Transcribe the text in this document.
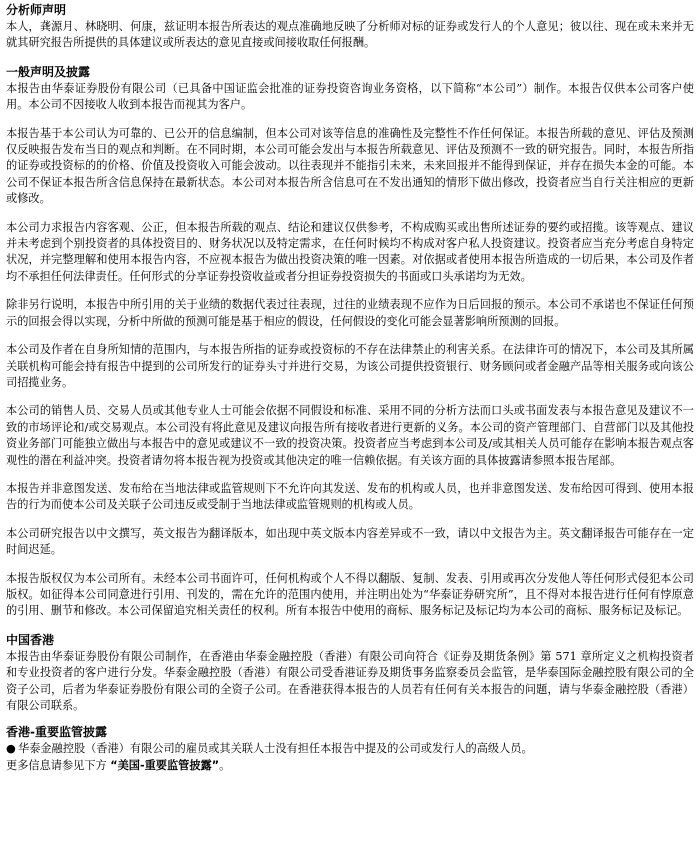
分析师声明

本人，龚源月、林晓明、何康，兹证明本报告所表达的观点准确地反映了分析师对标的证券或发行人的个人意见；彼以往、现在或未来并无就其研究报告所提供的具体建议或所表达的意见直接或间接收取任何报酬。

一般声明及披露

本报告由华泰证券股份有限公司（已具备中国证监会批准的证券投资咨询业务资格，以下简称“本公司”）制作。本报告仅供本公司客户使用。本公司不因接收人收到本报告而视其为客户。

本报告基于本公司认为可靠的、已公开的信息编制，但本公司对该等信息的准确性及完整性不作任何保证。本报告所载的意见、评估及预测仅反映报告发布当日的观点和判断。在不同时期，本公司可能会发出与本报告所载意见、评估及预测不一致的研究报告。同时，本报告所指的证券或投资标的的价格、价值及投资收入可能会波动。以往表现并不能指引未来，未来回报并不能得到保证，并存在损失本金的可能。本公司不保证本报告所含信息保持在最新状态。本公司对本报告所含信息可在不发出通知的情形下做出修改，投资者应当自行关注相应的更新或修改。

本公司力求报告内容客观、公正，但本报告所载的观点、结论和建议仅供参考，不构成购买或出售所述证券的要约或招揽。该等观点、建议并未考虑到个别投资者的具体投资目的、财务状况以及特定需求，在任何时候均不构成对客户私人投资建议。投资者应当充分考虑自身特定状况，并完整理解和使用本报告内容，不应视本报告为做出投资决策的唯一因素。对依据或者使用本报告所造成的一切后果，本公司及作者均不承担任何法律责任。任何形式的分享证券投资收益或者分担证券投资损失的书面或口头承诺均为无效。

除非另行说明，本报告中所引用的关于业绩的数据代表过往表现，过往的业绩表现不应作为日后回报的预示。本公司不承诺也不保证任何预示的回报会得以实现，分析中所做的预测可能是基于相应的假设，任何假设的变化可能会显著影响所预测的回报。

本公司及作者在自身所知情的范围内，与本报告所指的证券或投资标的不存在法律禁止的利害关系。在法律许可的情况下，本公司及其所属关联机构可能会持有报告中提到的公司所发行的证券头寸并进行交易，为该公司提供投资银行、财务顾问或者金融产品等相关服务或向该公司招揽业务。

本公司的销售人员、交易人员或其他专业人士可能会依据不同假设和标准、采用不同的分析方法而口头或书面发表与本报告意见及建议不一致的市场评论和/或交易观点。本公司没有将此意见及建议向报告所有接收者进行更新的义务。本公司的资产管理部门、自营部门以及其他投资业务部门可能独立做出与本报告中的意见或建议不一致的投资决策。投资者应当考虑到本公司及/或其相关人员可能存在影响本报告观点客观性的潜在利益冲突。投资者请勿将本报告视为投资或其他决定的唯一信赖依据。有关该方面的具体披露请参照本报告尾部。

本报告并非意图发送、发布给在当地法律或监管规则下不允许向其发送、发布的机构或人员，也并非意图发送、发布给因可得到、使用本报告的行为而使本公司及关联子公司违反或受制于当地法律或监管规则的机构或人员。

本公司研究报告以中文撰写，英文报告为翻译版本，如出现中英文版本内容差异或不一致，请以中文报告为主。英文翻译报告可能存在一定时间迟延。

本报告版权仅为本公司所有。未经本公司书面许可，任何机构或个人不得以翻版、复制、发表、引用或再次分发他人等任何形式侵犯本公司版权。如征得本公司同意进行引用、刊发的，需在允许的范围内使用，并注明出处为“华泰证券研究所”，且不得对本报告进行任何有悖原意的引用、删节和修改。本公司保留追究相关责任的权利。所有本报告中使用的商标、服务标记及标记均为本公司的商标、服务标记及标记。

中国香港

本报告由华泰证券股份有限公司制作，在香港由华泰金融控股（香港）有限公司向符合《证券及期货条例》第 571 章所定义之机构投资者和专业投资者的客户进行分发。华泰金融控股（香港）有限公司受香港证券及期货事务监察委员会监管，是华泰国际金融控股有限公司的全资子公司，后者为华泰证券股份有限公司的全资子公司。在香港获得本报告的人员若有任何有关本报告的问题，请与华泰金融控股（香港）有限公司联系。

香港-重要监管披露
● 华泰金融控股（香港）有限公司的雇员或其关联人士没有担任本报告中提及的公司或发行人的高级人员。
更多信息请参见下方 “美国-重要监管披露”。
